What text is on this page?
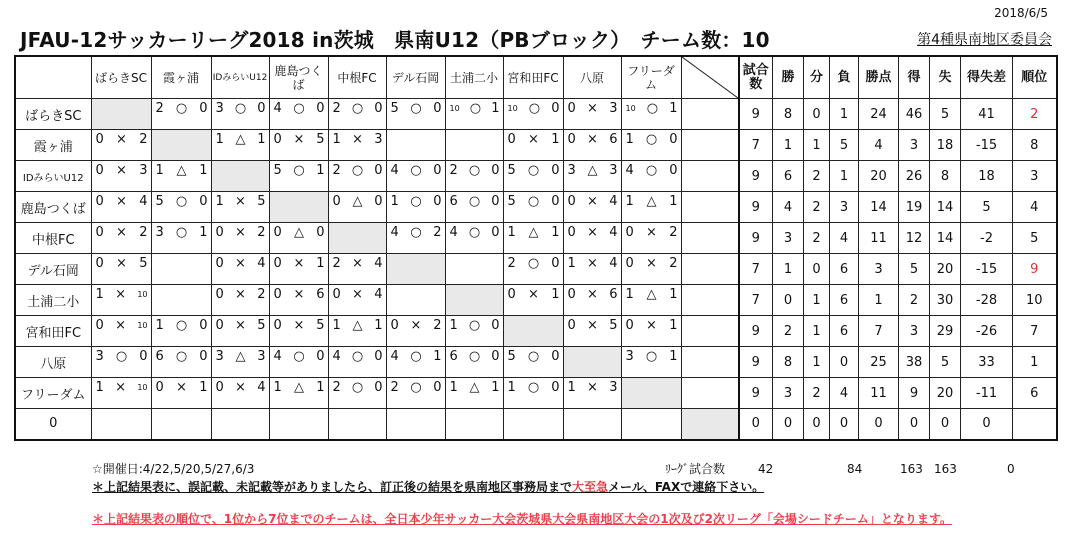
2018/6/5
JFAU-12サッカーリーグ2018 in茨城　県南U12（PBブロック）　チーム数：10	第4種県南地区委員会
	ばらきSC	霞ヶ浦	IDみらいU12	鹿島つくば	中根FC	デル石岡	土浦二小	宮和田FC	八原	フリーダム		試合数	勝	分	負	勝点	得	失	得失差	順位
ばらきSC		2 ○ 0	3 ○ 0	4 ○ 0	2 ○ 0	5 ○ 0	10 ○ 1	10 ○ 0	0 × 3	10 ○ 1		9	8	0	1	24	46	5	41	2
霞ヶ浦	0 × 2		1 △ 1	0 × 5	1 × 3			0 × 1	0 × 6	1 ○ 0		7	1	1	5	4	3	18	-15	8
IDみらいU12	0 × 3	1 △ 1		5 ○ 1	2 ○ 0	4 ○ 0	2 ○ 0	5 ○ 0	3 △ 3	4 ○ 0		9	6	2	1	20	26	8	18	3
鹿島つくば	0 × 4	5 ○ 0	1 × 5		0 △ 0	1 ○ 0	6 ○ 0	5 ○ 0	0 × 4	1 △ 1		9	4	2	3	14	19	14	5	4
中根FC	0 × 2	3 ○ 1	0 × 2	0 △ 0		4 ○ 2	4 ○ 0	1 △ 1	0 × 4	0 × 2		9	3	2	4	11	12	14	-2	5
デル石岡	0 × 5		0 × 4	0 × 1	2 × 4			2 ○ 0	1 × 4	0 × 2		7	1	0	6	3	5	20	-15	9
土浦二小	1 × 10		0 × 2	0 × 6	0 × 4			0 × 1	0 × 6	1 △ 1		7	0	1	6	1	2	30	-28	10
宮和田FC	0 × 10	1 ○ 0	0 × 5	0 × 5	1 △ 1	0 × 2	1 ○ 0		0 × 5	0 × 1		9	2	1	6	7	3	29	-26	7
八原	3 ○ 0	6 ○ 0	3 △ 3	4 ○ 0	4 ○ 0	4 ○ 1	6 ○ 0	5 ○ 0		3 ○ 1		9	8	1	0	25	38	5	33	1
フリーダム	1 × 10	0 × 1	0 × 4	1 △ 1	2 ○ 0	2 ○ 0	1 △ 1	1 ○ 0	1 × 3			9	3	2	4	11	9	20	-11	6
0												0	0	0	0	0	0	0	0	
☆開催日:4/22,5/20,5/27,6/3	ﾘｰｸﾞ試合数	42	84	163 163	0
＊上記結果表に、誤記載、未記載等がありましたら、訂正後の結果を県南地区事務局まで大至急メール、FAXで連絡下さい。
＊上記結果表の順位で、1位から7位までのチームは、全日本少年サッカー大会茨城県大会県南地区大会の1次及び2次リーグ「会場シードチーム」となります。
